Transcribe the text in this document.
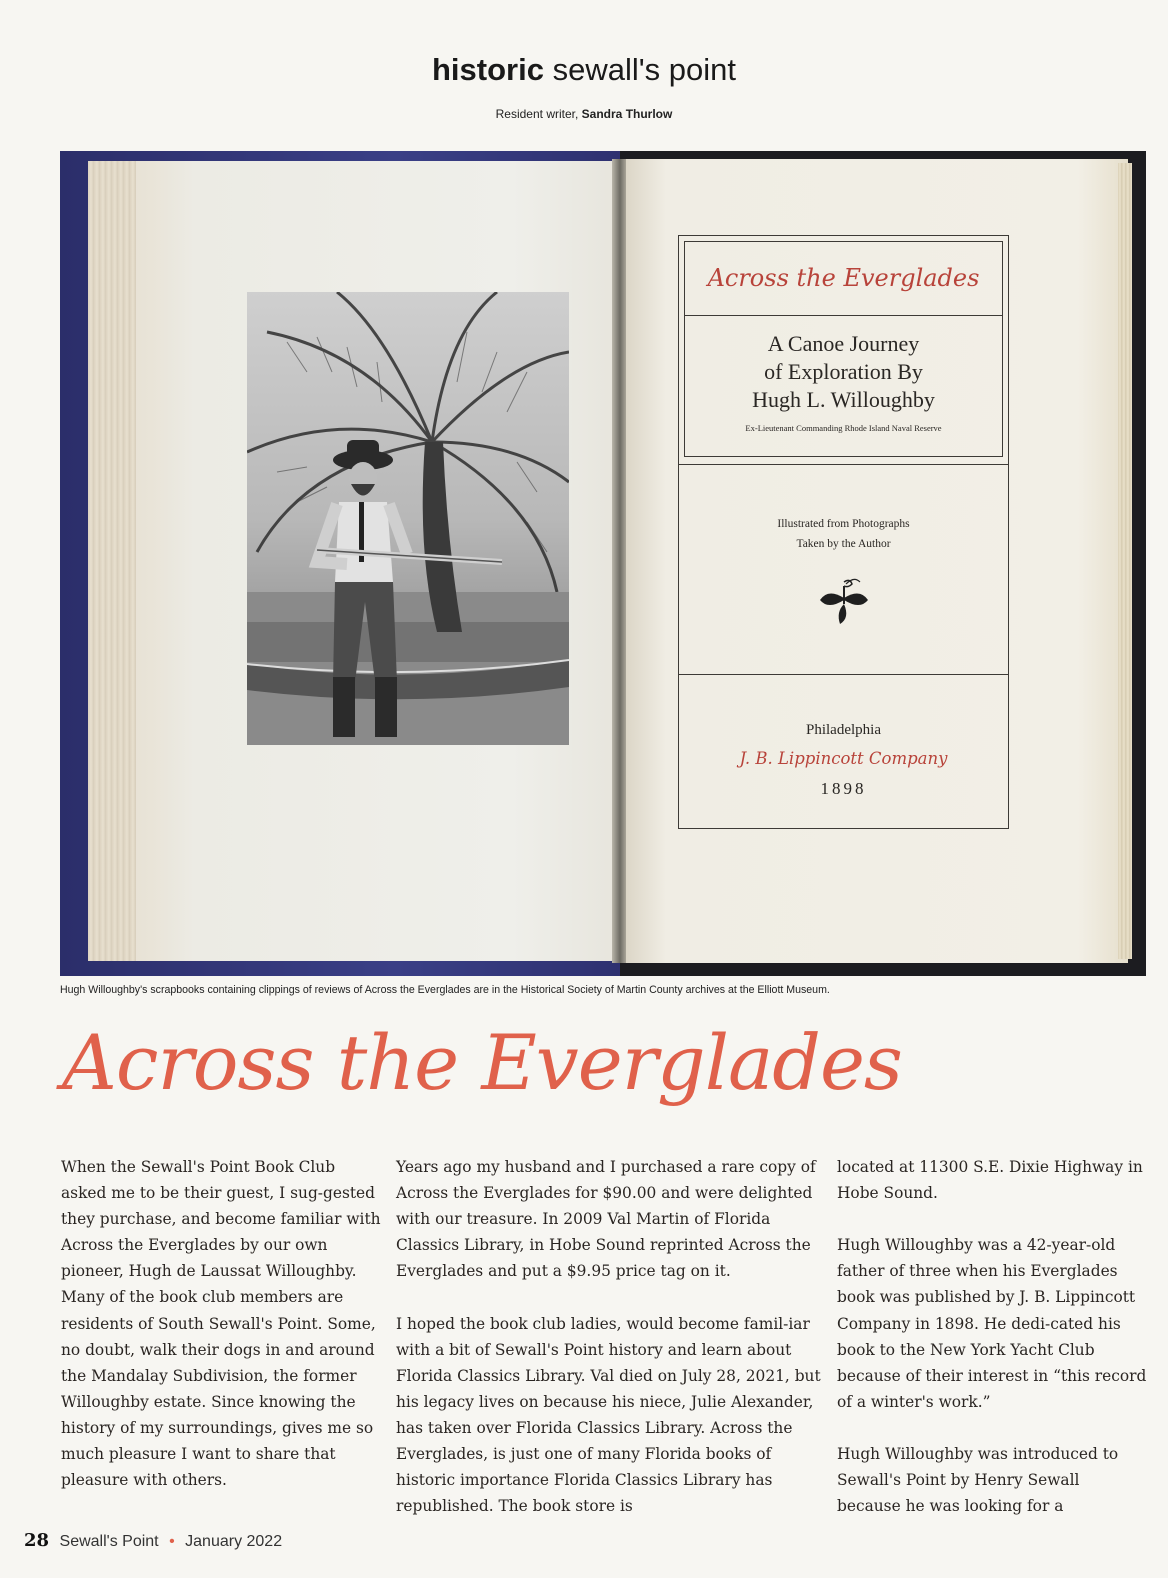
historic sewall's point
Resident writer, Sandra Thurlow
Across the Everglades
A Canoe Journey
of Exploration By
Hugh L. Willoughby
Ex-Lieutenant Commanding Rhode Island Naval Reserve
Illustrated from Photographs
Taken by the Author
Philadelphia
J. B. Lippincott Company
1898
Hugh Willoughby's scrapbooks containing clippings of reviews of Across the Everglades are in the Historical Society of Martin County archives at the Elliott Museum.
Across the Everglades

When the Sewall's Point Book Club asked me to be their guest, I sug-gested they purchase, and become familiar with Across the Everglades by our own pioneer, Hugh de Laussat Willoughby. Many of the book club members are residents of South Sewall's Point. Some, no doubt, walk their dogs in and around the Mandalay Subdivision, the former Willoughby estate. Since knowing the history of my surroundings, gives me so much pleasure I want to share that pleasure with others.

Years ago my husband and I purchased a rare copy of Across the Everglades for $90.00 and were delighted with our treasure. In 2009 Val Martin of Florida Classics Library, in Hobe Sound reprinted Across the Everglades and put a $9.95 price tag on it.

I hoped the book club ladies, would become famil-iar with a bit of Sewall's Point history and learn about Florida Classics Library. Val died on July 28, 2021, but his legacy lives on because his niece, Julie Alexander, has taken over Florida Classics Library. Across the Everglades, is just one of many Florida books of historic importance Florida Classics Library has republished. The book store is

located at 11300 S.E. Dixie Highway in Hobe Sound.

Hugh Willoughby was a 42-year-old father of three when his Everglades book was published by J. B. Lippincott Company in 1898. He dedi-cated his book to the New York Yacht Club because of their interest in “this record of a winter's work.”

Hugh Willoughby was introduced to Sewall's Point by Henry Sewall because he was looking for a

28 Sewall's Point • January 2022
